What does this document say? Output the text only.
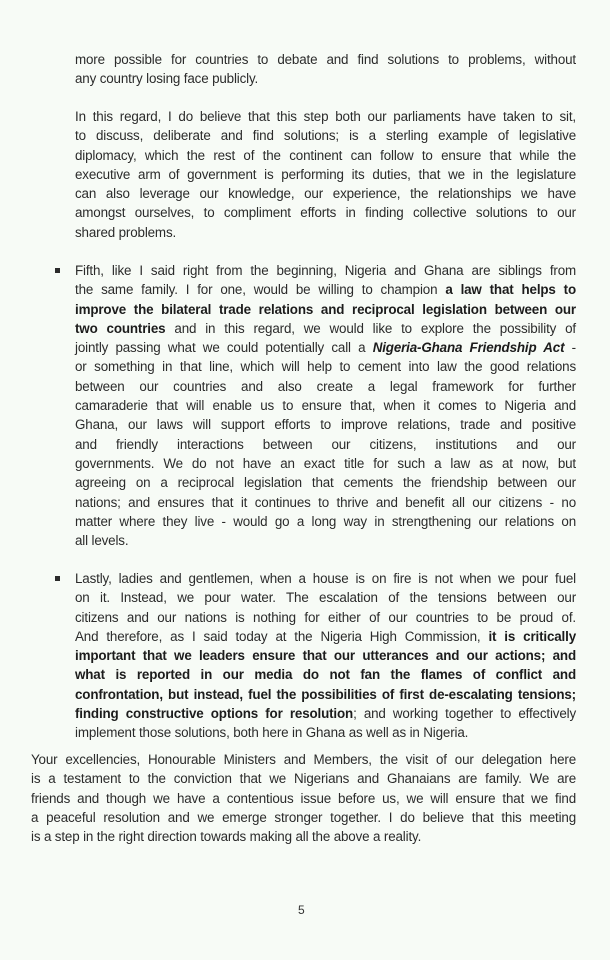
more possible for countries to debate and find solutions to problems, without
any country losing face publicly.
In this regard, I do believe that this step both our parliaments have taken to sit,
to discuss, deliberate and find solutions; is a sterling example of legislative
diplomacy, which the rest of the continent can follow to ensure that while the
executive arm of government is performing its duties, that we in the legislature
can also leverage our knowledge, our experience, the relationships we have
amongst ourselves, to compliment efforts in finding collective solutions to our
shared problems.
Fifth, like I said right from the beginning, Nigeria and Ghana are siblings from
the same family. I for one, would be willing to champion a law that helps to
improve the bilateral trade relations and reciprocal legislation between our
two countries and in this regard, we would like to explore the possibility of
jointly passing what we could potentially call a Nigeria-Ghana Friendship Act -
or something in that line, which will help to cement into law the good relations
between our countries and also create a legal framework for further
camaraderie that will enable us to ensure that, when it comes to Nigeria and
Ghana, our laws will support efforts to improve relations, trade and positive
and friendly interactions between our citizens, institutions and our
governments. We do not have an exact title for such a law as at now, but
agreeing on a reciprocal legislation that cements the friendship between our
nations; and ensures that it continues to thrive and benefit all our citizens - no
matter where they live - would go a long way in strengthening our relations on
all levels.
Lastly, ladies and gentlemen, when a house is on fire is not when we pour fuel
on it. Instead, we pour water. The escalation of the tensions between our
citizens and our nations is nothing for either of our countries to be proud of.
And therefore, as I said today at the Nigeria High Commission, it is critically
important that we leaders ensure that our utterances and our actions; and
what is reported in our media do not fan the flames of conflict and
confrontation, but instead, fuel the possibilities of first de-escalating tensions;
finding constructive options for resolution; and working together to effectively
implement those solutions, both here in Ghana as well as in Nigeria.
Your excellencies, Honourable Ministers and Members, the visit of our delegation here
is a testament to the conviction that we Nigerians and Ghanaians are family. We are
friends and though we have a contentious issue before us, we will ensure that we find
a peaceful resolution and we emerge stronger together. I do believe that this meeting
is a step in the right direction towards making all the above a reality.
5
